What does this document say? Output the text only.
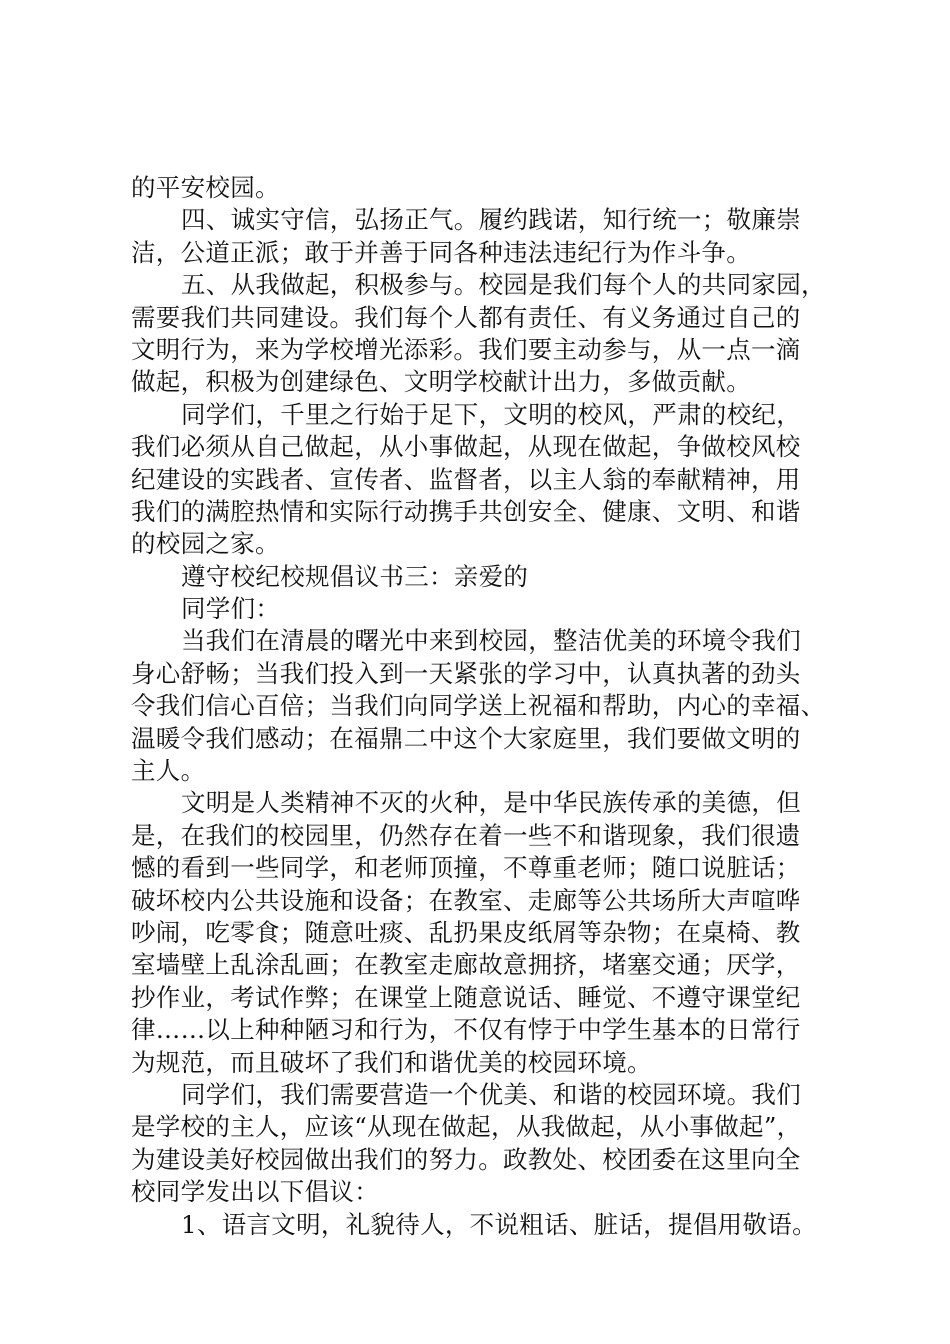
的平安校园。
四、诚实守信，弘扬正气。履约践诺，知行统一；敬廉崇
洁，公道正派；敢于并善于同各种违法违纪行为作斗争。
五、从我做起，积极参与。校园是我们每个人的共同家园，
需要我们共同建设。我们每个人都有责任、有义务通过自己的
文明行为，来为学校增光添彩。我们要主动参与，从一点一滴
做起，积极为创建绿色、文明学校献计出力，多做贡献。
同学们，千里之行始于足下，文明的校风，严肃的校纪，
我们必须从自己做起，从小事做起，从现在做起，争做校风校
纪建设的实践者、宣传者、监督者，以主人翁的奉献精神，用
我们的满腔热情和实际行动携手共创安全、健康、文明、和谐
的校园之家。
遵守校纪校规倡议书三：亲爱的
同学们：
当我们在清晨的曙光中来到校园，整洁优美的环境令我们
身心舒畅；当我们投入到一天紧张的学习中，认真执著的劲头
令我们信心百倍；当我们向同学送上祝福和帮助，内心的幸福、
温暖令我们感动；在福鼎二中这个大家庭里，我们要做文明的
主人。
文明是人类精神不灭的火种，是中华民族传承的美德，但
是，在我们的校园里，仍然存在着一些不和谐现象，我们很遗
憾的看到一些同学，和老师顶撞，不尊重老师；随口说脏话；
破坏校内公共设施和设备；在教室、走廊等公共场所大声喧哗
吵闹，吃零食；随意吐痰、乱扔果皮纸屑等杂物；在桌椅、教
室墙壁上乱涂乱画；在教室走廊故意拥挤，堵塞交通；厌学，
抄作业，考试作弊；在课堂上随意说话、睡觉、不遵守课堂纪
律……以上种种陋习和行为，不仅有悖于中学生基本的日常行
为规范，而且破坏了我们和谐优美的校园环境。
同学们，我们需要营造一个优美、和谐的校园环境。我们
是学校的主人，应该“从现在做起，从我做起，从小事做起”，
为建设美好校园做出我们的努力。政教处、校团委在这里向全
校同学发出以下倡议：
1、语言文明，礼貌待人，不说粗话、脏话，提倡用敬语。
